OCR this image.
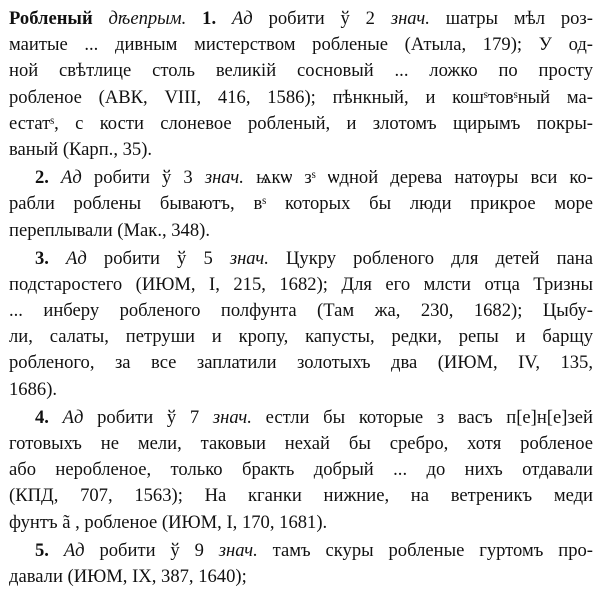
Робленый дѣепрым. 1. Ад робити ў 2 знач. шатры мѣл роз-
маитые ... дивным мистерством робленые (Атыла, 179); У од-
ной свѣтлице столь великій сосновый ... ложко по просту
робленое (АВК, VIII, 416, 1586); пѣнкный, и кошˢтовˢный ма-
естатˢ, с кости слоневое робленый, и злотомъ щирымъ покры-
ваный (Карп., 35).
2. Ад робити ў 3 знач. ѩкѡ зˢ ѡдной дерева натѹры вси ко-
рабли роблены бываютъ, вˢ которых бы люди прикрое море
переплывали (Мак., 348).
3. Ад робити ў 5 знач. Цукру робленого для детей пана
подстаростего (ИЮМ, I, 215, 1682); Для его млсти отца Тризны
... инберу робленого полфунта (Там жа, 230, 1682); Цыбу-
ли, салаты, петруши и кропу, капусты, редки, репы и барщу
робленого, за все заплатили золотыхъ два (ИЮМ, IV, 135,
1686).
4. Ад робити ў 7 знач. естли бы которые з васъ п[е]н[е]зей
готовыхъ не мели, таковыи нехай бы сребро, хотя робленое
або неробленое, только бракть добрый ... до нихъ отдавали
(КПД, 707, 1563); На кганки нижние, на ветреникъ меди
фунтъ ã , робленое (ИЮМ, I, 170, 1681).
5. Ад робити ў 9 знач. тамъ скуры робленые гуртомъ про-
давали (ИЮМ, IX, 387, 1640);
